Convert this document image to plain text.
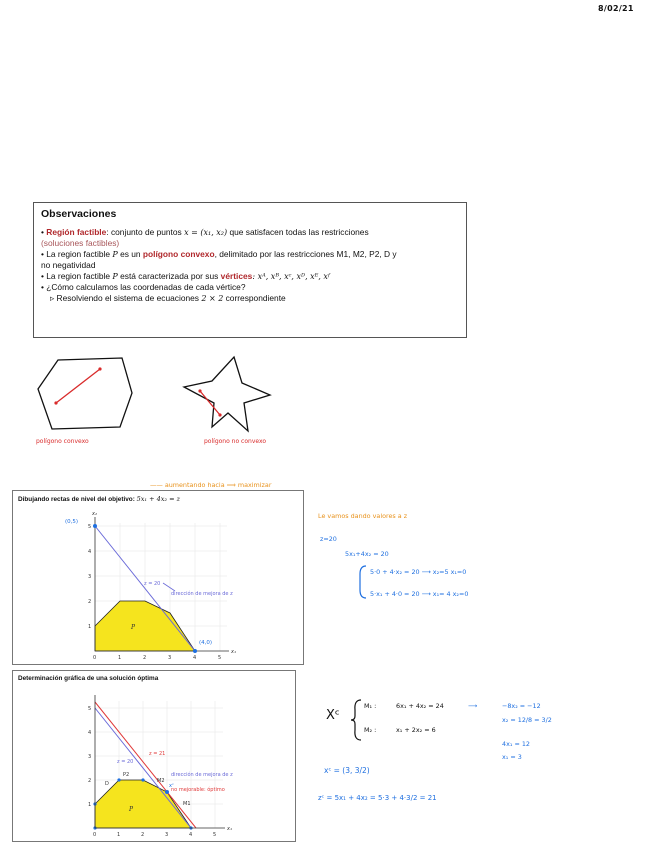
8/02/21
Observaciones
• Región factible: conjunto de puntos x = (x₁, x₂) que satisfacen todas las restricciones
(soluciones factibles)
• La region factible P es un polígono convexo, delimitado por las restricciones M1, M2, P2, D y
no negatividad
• La region factible P está caracterizada por sus vértices: xᴬ, xᴮ, xᶜ, xᴰ, xᴱ, xᶠ
• ¿Cómo calculamos las coordenadas de cada vértice?
▹ Resolviendo el sistema de ecuaciones 2 × 2 correspondiente
polígono convexo	polígono no convexo
—— aumentando hacia ⟹ maximizar
Dibujando rectas de nivel del objetivo: 5x₁ + 4x₂ = z
0	1	2	3	4	5
1
2
3
4
5
x₁
x₂
z = 20
dirección de mejora de z
P
(0,5)
(4,0)
Le vamos dando valores a z
z=20
5x₁+4x₂ = 20
5·0 + 4·x₂ = 20 ⟶ x₂=5 x₁=0
5·x₁ + 4·0 = 20 ⟶ x₁= 4 x₂=0
Determinación gráfica de una solución óptima
0	1	2	3	4	5
1
2
3
4
5
x₁
z = 20
z = 21
dirección de mejora de z
no mejorable: óptimo
P2
D	M2
M1
xᶜ
P
Xᶜ
M₁ :	6x₁ + 4x₂ = 24
M₂ :	x₁ + 2x₂ = 6
⟶	−8x₂ = −12
x₂ = 12/8 = 3/2
4x₁ = 12
x₁ = 3
xᶜ = (3, 3/2)
zᶜ = 5x₁ + 4x₂ = 5·3 + 4·3/2 = 21
